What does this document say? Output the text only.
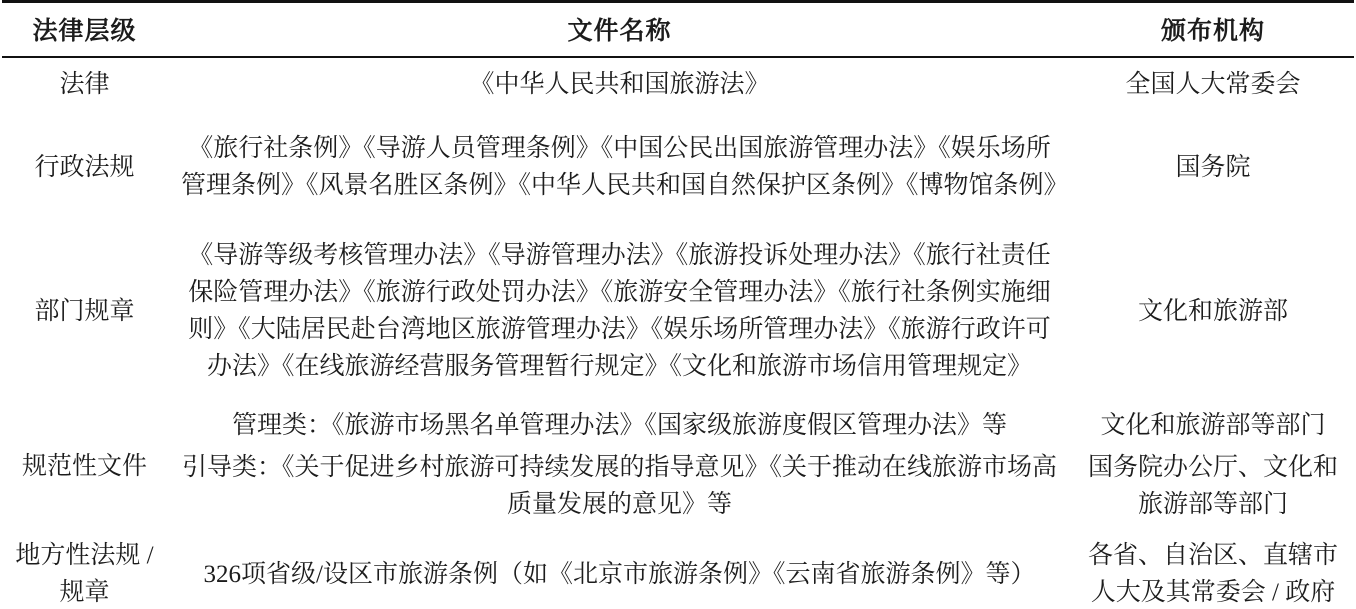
法律层级	文件名称	颁布机构
法律	《中华人民共和国旅游法》	全国人大常委会
行政法规	《旅行社条例》《导游人员管理条例》《中国公民出国旅游管理办法》《娱乐场所管理条例》《风景名胜区条例》《中华人民共和国自然保护区条例》《博物馆条例》	国务院
部门规章	《导游等级考核管理办法》《导游管理办法》《旅游投诉处理办法》《旅行社责任保险管理办法》《旅游行政处罚办法》《旅游安全管理办法》《旅行社条例实施细则》《大陆居民赴台湾地区旅游管理办法》《娱乐场所管理办法》《旅游行政许可办法》《在线旅游经营服务管理暂行规定》《文化和旅游市场信用管理规定》	文化和旅游部
规范性文件	管理类：《旅游市场黑名单管理办法》《国家级旅游度假区管理办法》等	文化和旅游部等部门
	引导类：《关于促进乡村旅游可持续发展的指导意见》《关于推动在线旅游市场高质量发展的意见》等	国务院办公厅、文化和旅游部等部门
地方性法规 / 规章	326项省级/设区市旅游条例（如《北京市旅游条例》《云南省旅游条例》等）	各省、自治区、直辖市人大及其常委会 / 政府
